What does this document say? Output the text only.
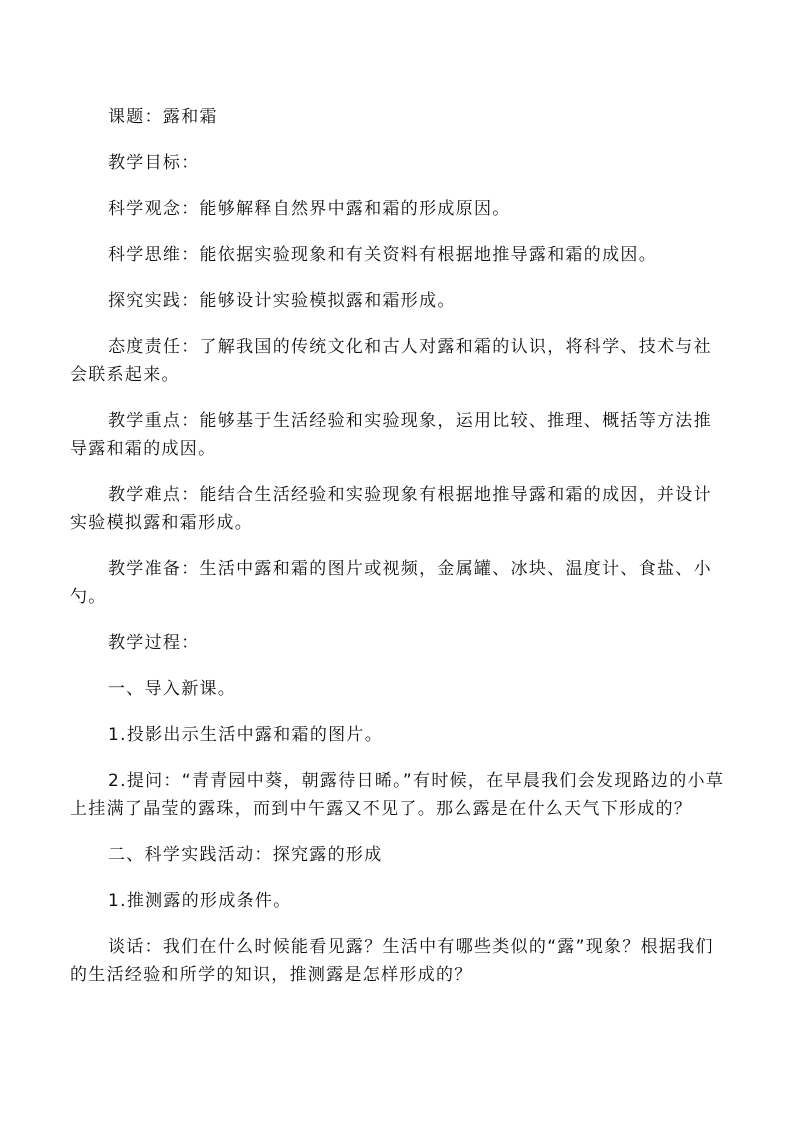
课题：露和霜

教学目标：

科学观念：能够解释自然界中露和霜的形成原因。

科学思维：能依据实验现象和有关资料有根据地推导露和霜的成因。

探究实践：能够设计实验模拟露和霜形成。

态度责任：了解我国的传统文化和古人对露和霜的认识，将科学、技术与社会联系起来。

教学重点：能够基于生活经验和实验现象，运用比较、推理、概括等方法推导露和霜的成因。

教学难点：能结合生活经验和实验现象有根据地推导露和霜的成因，并设计实验模拟露和霜形成。

教学准备：生活中露和霜的图片或视频，金属罐、冰块、温度计、食盐、小勺。

教学过程：

一、导入新课。

1.投影出示生活中露和霜的图片。

2.提问：“青青园中葵，朝露待日晞。”有时候，在早晨我们会发现路边的小草上挂满了晶莹的露珠，而到中午露又不见了。那么露是在什么天气下形成的？

二、科学实践活动：探究露的形成

1.推测露的形成条件。

谈话：我们在什么时候能看见露？生活中有哪些类似的“露”现象？根据我们的生活经验和所学的知识，推测露是怎样形成的？
